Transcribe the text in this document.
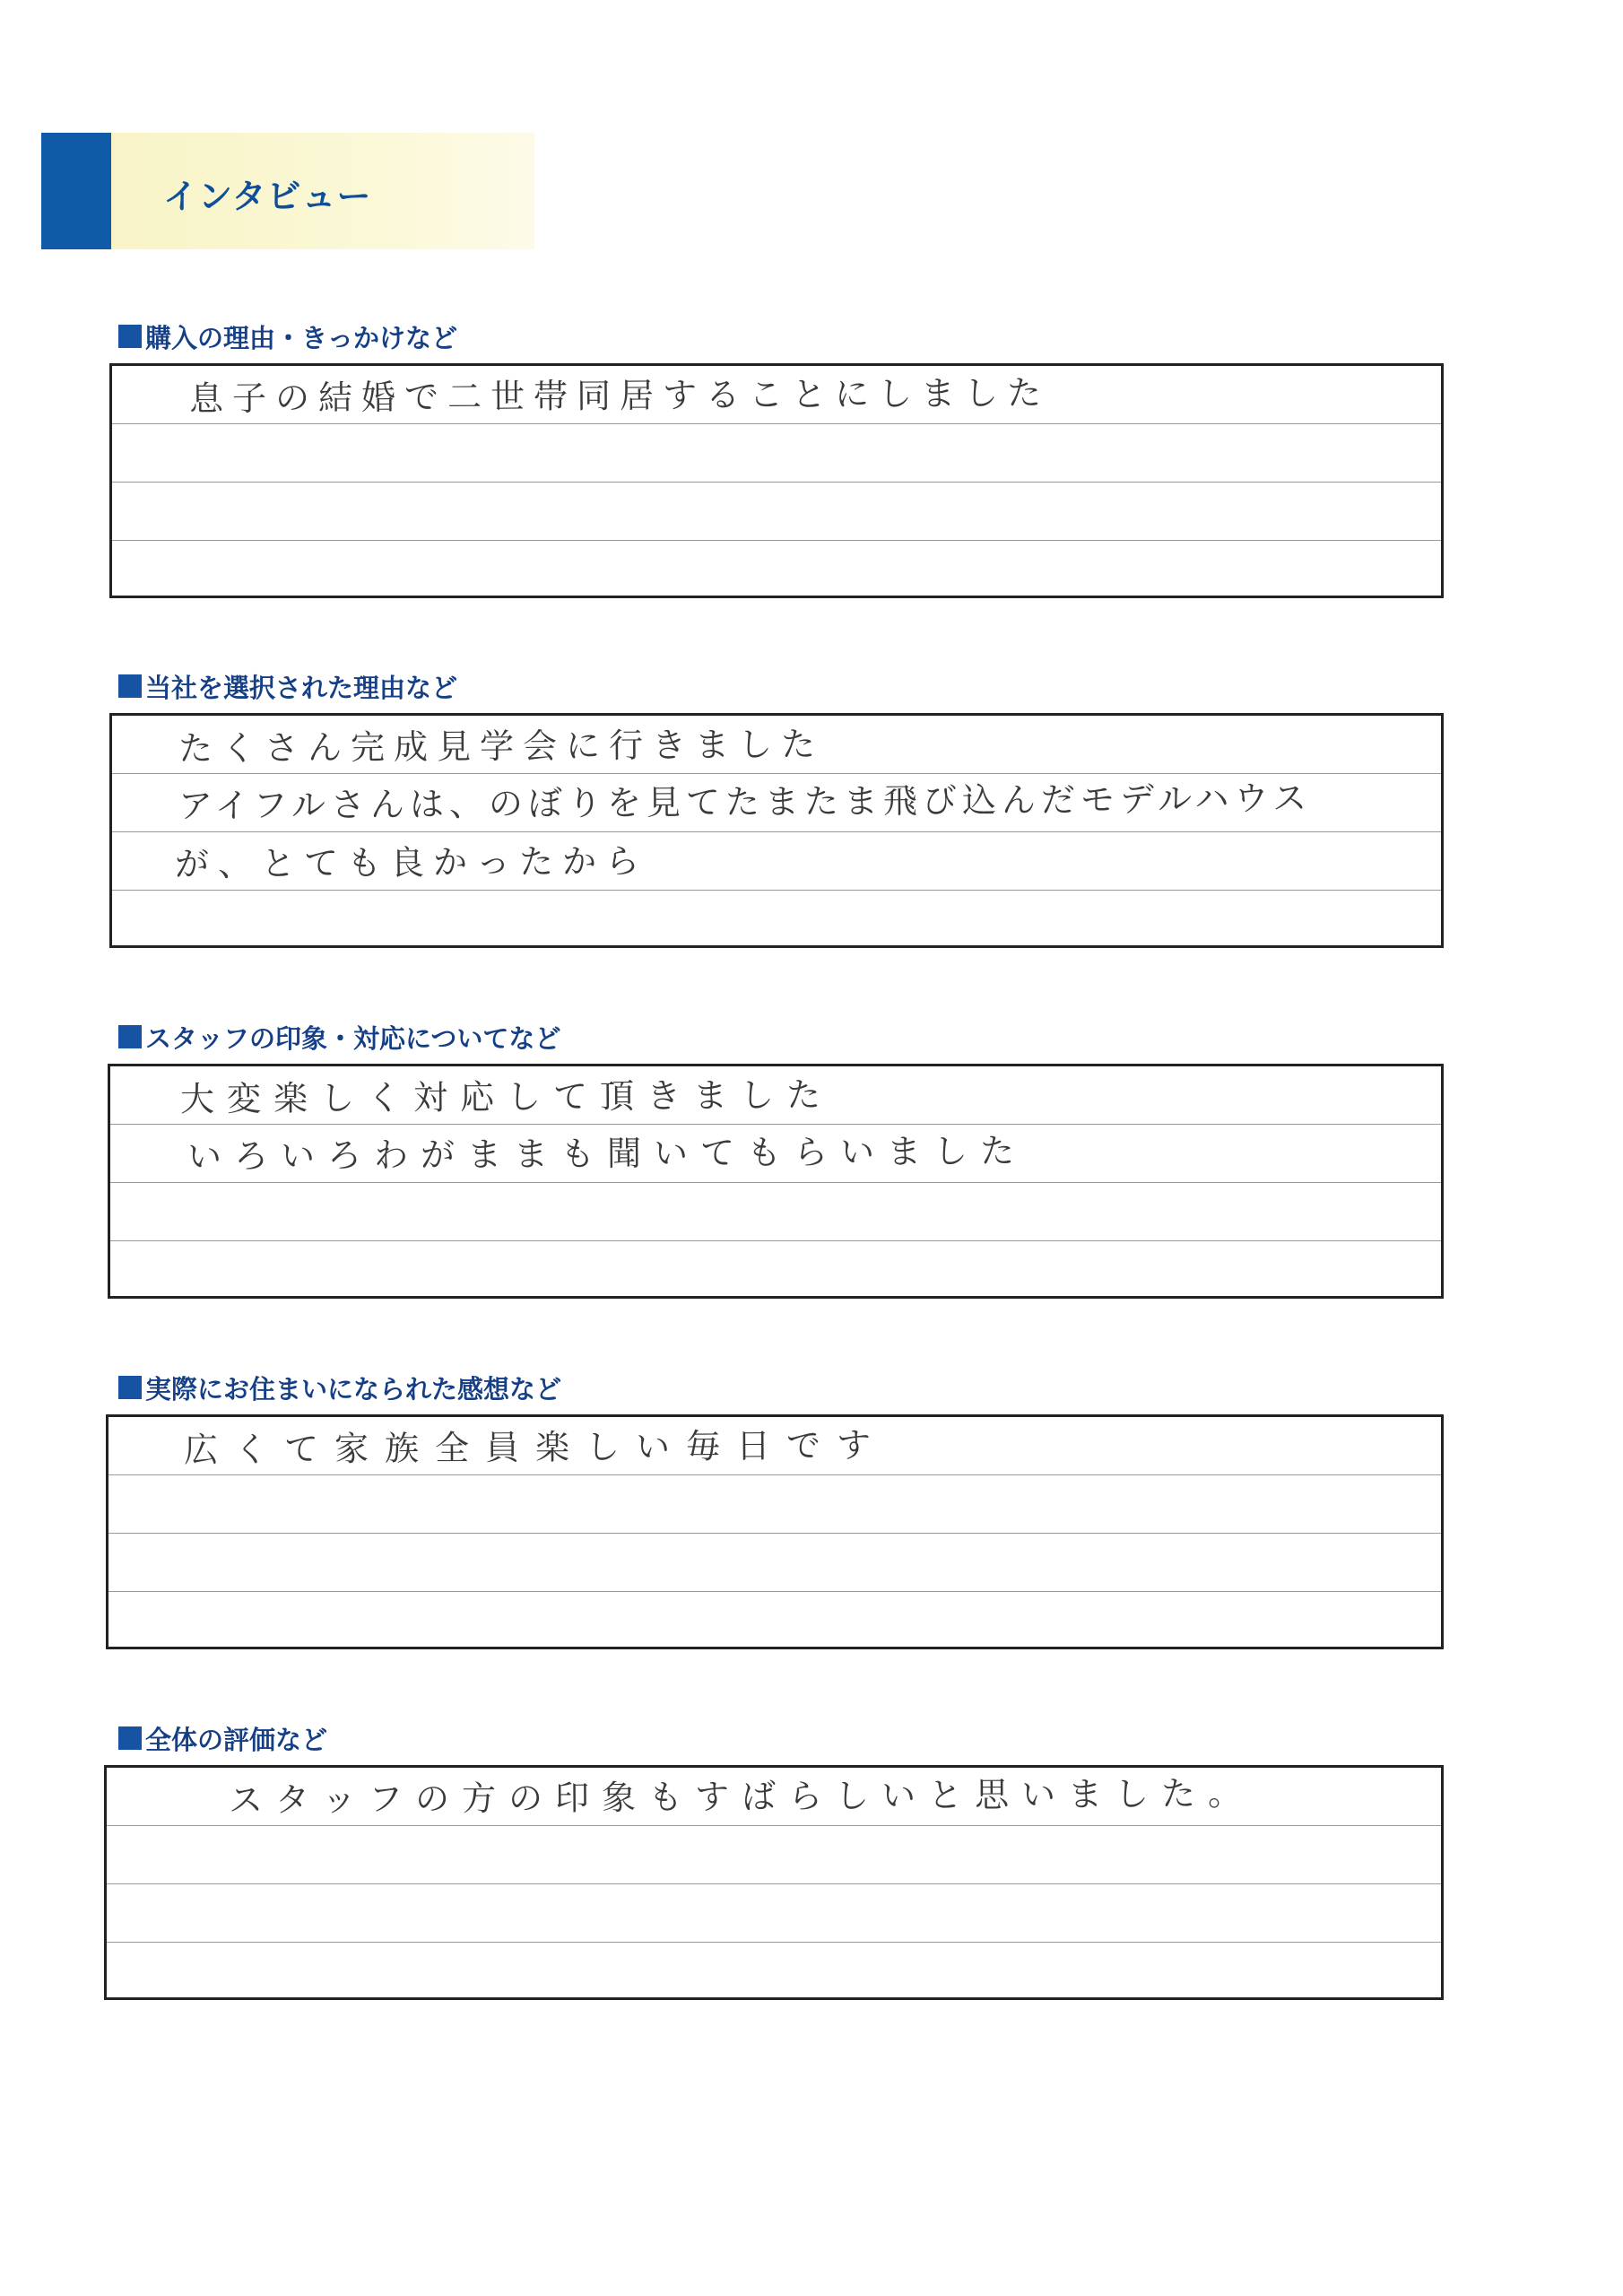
インタビュー
購入の理由・きっかけなど
息子の結婚で二世帯同居することにしました
当社を選択された理由など
たくさん完成見学会に行きました
アイフルさんは、のぼりを見てたまたま飛び込んだモデルハウス
が、とても良かったから
スタッフの印象・対応についてなど
大変楽しく対応して頂きました
いろいろわがままも聞いてもらいました
実際にお住まいになられた感想など
広くて家族全員楽しい毎日です
全体の評価など
スタッフの方の印象もすばらしいと思いました。
